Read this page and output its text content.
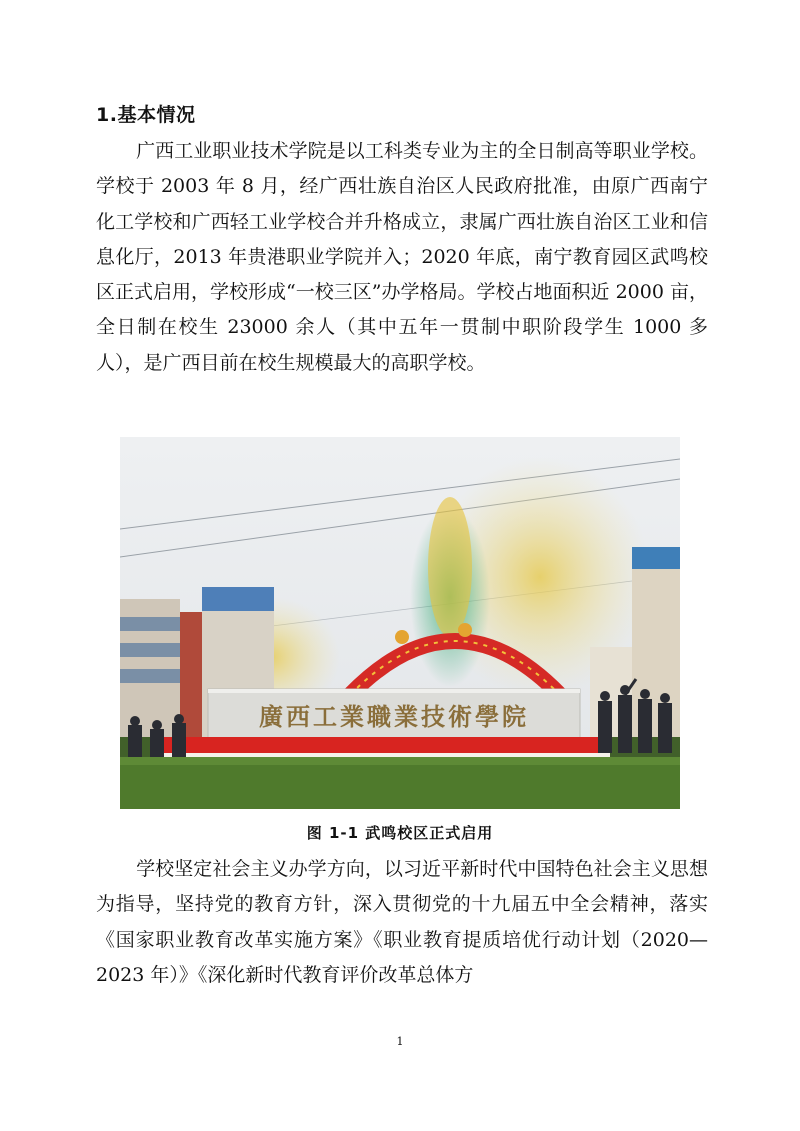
1.基本情况

广西工业职业技术学院是以工科类专业为主的全日制高等职业学校。学校于 2003 年 8 月，经广西壮族自治区人民政府批准，由原广西南宁化工学校和广西轻工业学校合并升格成立，隶属广西壮族自治区工业和信息化厅，2013 年贵港职业学院并入；2020 年底，南宁教育园区武鸣校区正式启用，学校形成“一校三区”办学格局。学校占地面积近 2000 亩，全日制在校生 23000 余人（其中五年一贯制中职阶段学生 1000 多人），是广西目前在校生规模最大的高职学校。

廣西工業職業技術學院
图 1-1 武鸣校区正式启用

学校坚定社会主义办学方向，以习近平新时代中国特色社会主义思想为指导，坚持党的教育方针，深入贯彻党的十九届五中全会精神，落实《国家职业教育改革实施方案》《职业教育提质培优行动计划（2020—2023 年）》《深化新时代教育评价改革总体方

1
